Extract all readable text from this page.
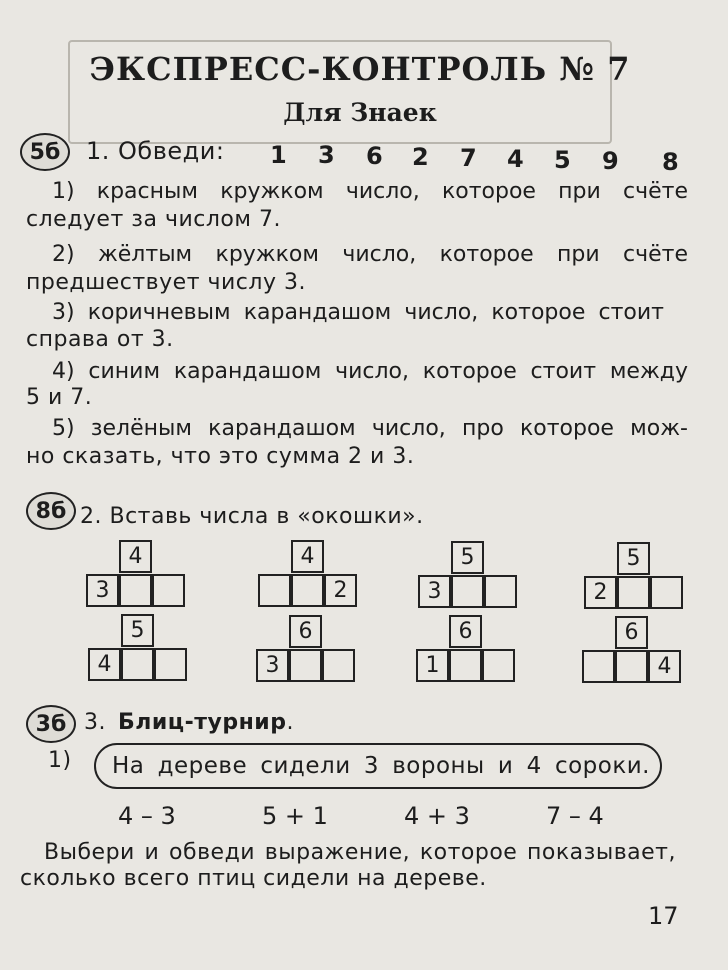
ЭКСПРЕСС-КОНТРОЛЬ № 7
Для Знаек
5б	1. Обведи: 1 3 6 2 7 4 5 9 8
1) красным кружком число, которое при счёте
следует за числом 7.
2) жёлтым кружком число, которое при счёте
предшествует числу 3.
3) коричневым карандашом число, которое стоит
справа от 3.
4) синим карандашом число, которое стоит между
5 и 7.
5) зелёным карандашом число, про которое мож-
но сказать, что это сумма 2 и 3.
8б 2. Вставь числа в «окошки».
4
3
4
2
5
3
5
2
5
4
6
3
6
1
6
4
3б 3. Блиц-турнир.
1) На дереве сидели 3 вороны и 4 сороки.
4 – 3	5 + 1	4 + 3	7 – 4
Выбери и обведи выражение, которое показывает,
сколько всего птиц сидели на дереве.
17
